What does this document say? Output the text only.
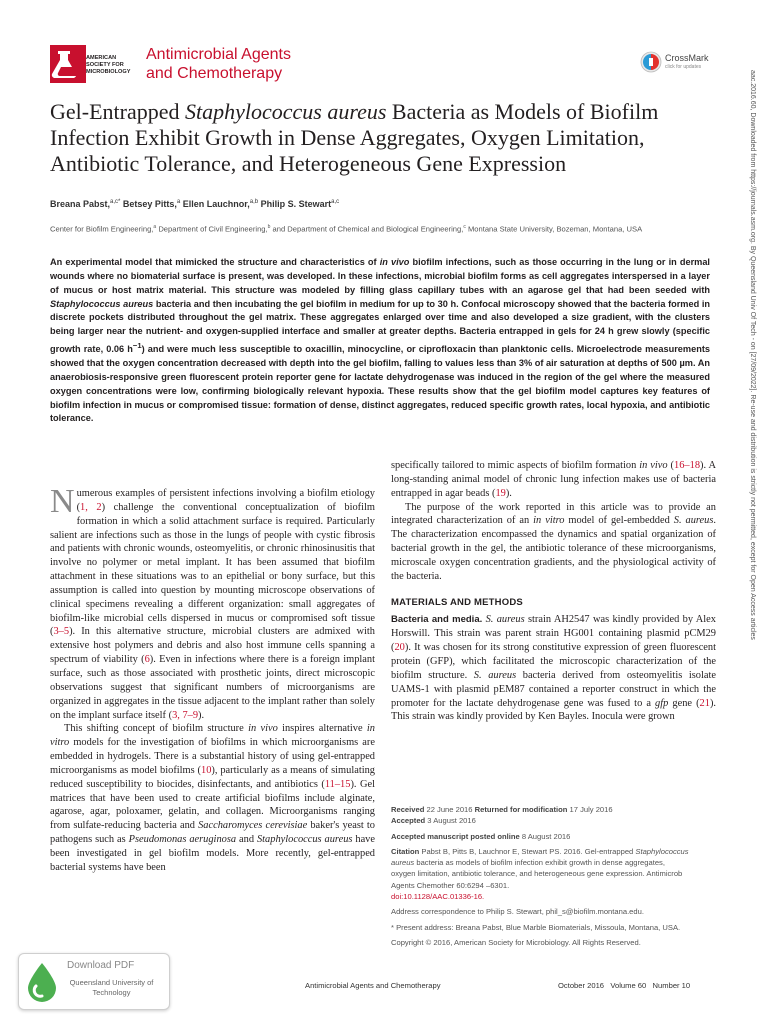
AMERICAN
SOCIETY FOR
MICROBIOLOGY
Antimicrobial Agents
and Chemotherapy
CrossMark
click for updates
aac.2016.60, Downloaded from https://journals.asm.org. By Queensland Univ Of Tech - on [27/09/2022]. Re-use and distribution is strictly not permitted, except for Open Access articles
Gel-Entrapped Staphylococcus aureus Bacteria as Models of Biofilm Infection Exhibit Growth in Dense Aggregates, Oxygen Limitation, Antibiotic Tolerance, and Heterogeneous Gene Expression
Breana Pabst,$^{a,c*}$ Betsey Pitts,$^a$ Ellen Lauchnor,$^{a,b}$ Philip S. Stewart$^{a,c}$
Center for Biofilm Engineering,$^a$ Department of Civil Engineering,$^b$ and Department of Chemical and Biological Engineering,$^c$ Montana State University, Bozeman, Montana, USA
An experimental model that mimicked the structure and characteristics of in vivo biofilm infections, such as those occurring in the lung or in dermal wounds where no biomaterial surface is present, was developed. In these infections, microbial biofilm forms as cell aggregates interspersed in a layer of mucus or host matrix material. This structure was modeled by filling glass capillary tubes with an agarose gel that had been seeded with Staphylococcus aureus bacteria and then incubating the gel biofilm in medium for up to 30 h. Confocal microscopy showed that the bacteria formed in discrete pockets distributed throughout the gel matrix. These aggregates enlarged over time and also developed a size gradient, with the clusters being larger near the nutrient- and oxygen-supplied interface and smaller at greater depths. Bacteria entrapped in gels for 24 h grew slowly (specific growth rate, 0.06 $h^{-1}$) and were much less susceptible to oxacillin, minocycline, or ciprofloxacin than planktonic cells. Microelectrode measurements showed that the oxygen concentration decreased with depth into the gel biofilm, falling to values less than 3% of air saturation at depths of 500 µm. An anaerobiosis-responsive green fluorescent protein reporter gene for lactate dehydrogenase was induced in the region of the gel where the measured oxygen concentrations were low, confirming biologically relevant hypoxia. These results show that the gel biofilm model captures key features of biofilm infection in mucus or compromised tissue: formation of dense, distinct aggregates, reduced specific growth rates, local hypoxia, and antibiotic tolerance.

Numerous examples of persistent infections involving a biofilm etiology (1, 2) challenge the conventional conceptualization of biofilm formation in which a solid attachment surface is required. Particularly salient are infections such as those in the lungs of people with cystic fibrosis and patients with chronic wounds, osteomyelitis, or chronic rhinosinusitis that involve no polymer or metal implant. It has been assumed that biofilm attachment in these situations was to an epithelial or bony surface, but this assumption is called into question by mounting microscope observations of clinical specimens revealing a different organization: small aggregates of biofilm-like microbial cells dispersed in mucus or compromised soft tissue (3–5). In this alternative structure, microbial clusters are admixed with extensive host polymers and debris and also host immune cells spanning a spectrum of viability (6). Even in infections where there is a foreign implant surface, such as those associated with prosthetic joints, direct microscopic observations suggest that significant numbers of microorganisms are organized in aggregates in the tissue adjacent to the implant rather than solely on the implant surface itself (3, 7–9).

This shifting concept of biofilm structure in vivo inspires alternative in vitro models for the investigation of biofilms in which microorganisms are embedded in hydrogels. There is a substantial history of using gel-entrapped microorganisms as model biofilms (10), particularly as a means of simulating reduced susceptibility to biocides, disinfectants, and antibiotics (11–15). Gel matrices that have been used to create artificial biofilms include alginate, agarose, agar, poloxamer, gelatin, and collagen. Microorganisms ranging from sulfate-reducing bacteria and Saccharomyces cerevisiae baker's yeast to pathogens such as Pseudomonas aeruginosa and Staphylococcus aureus have been investigated in gel biofilm models. More recently, gel-entrapped bacterial systems have been

specifically tailored to mimic aspects of biofilm formation in vivo (16–18). A long-standing animal model of chronic lung infection makes use of bacteria entrapped in agar beads (19).

The purpose of the work reported in this article was to provide an integrated characterization of an in vitro model of gel-embedded S. aureus. The characterization encompassed the dynamics and spatial organization of bacterial growth in the gel, the antibiotic tolerance of these microorganisms, microscale oxygen concentration gradients, and the physiological activity of the bacteria.

MATERIALS AND METHODS

Bacteria and media. S. aureus strain AH2547 was kindly provided by Alex Horswill. This strain was parent strain HG001 containing plasmid pCM29 (20). It was chosen for its strong constitutive expression of green fluorescent protein (GFP), which facilitated the microscopic characterization of the biofilm structure. S. aureus bacteria derived from osteomyelitis isolate UAMS-1 with plasmid pEM87 contained a reporter construct in which the promoter for the lactate dehydrogenase gene was fused to a gfp gene (21). This strain was kindly provided by Ken Bayles. Inocula were grown

Received 22 June 2016 Returned for modification 17 July 2016
Accepted 3 August 2016
Accepted manuscript posted online 8 August 2016
Citation Pabst B, Pitts B, Lauchnor E, Stewart PS. 2016. Gel-entrapped Staphylococcus aureus bacteria as models of biofilm infection exhibit growth in dense aggregates, oxygen limitation, antibiotic tolerance, and heterogeneous gene expression. Antimicrob Agents Chemother 60:6294 –6301.
doi:10.1128/AAC.01336-16.
Address correspondence to Philip S. Stewart, phil_s@biofilm.montana.edu.
* Present address: Breana Pabst, Blue Marble Biomaterials, Missoula, Montana, USA.
Copyright © 2016, American Society for Microbiology. All Rights Reserved.
Download PDF
Queensland University of Technology
Antimicrobial Agents and Chemotherapy	October 2016   Volume 60   Number 10
